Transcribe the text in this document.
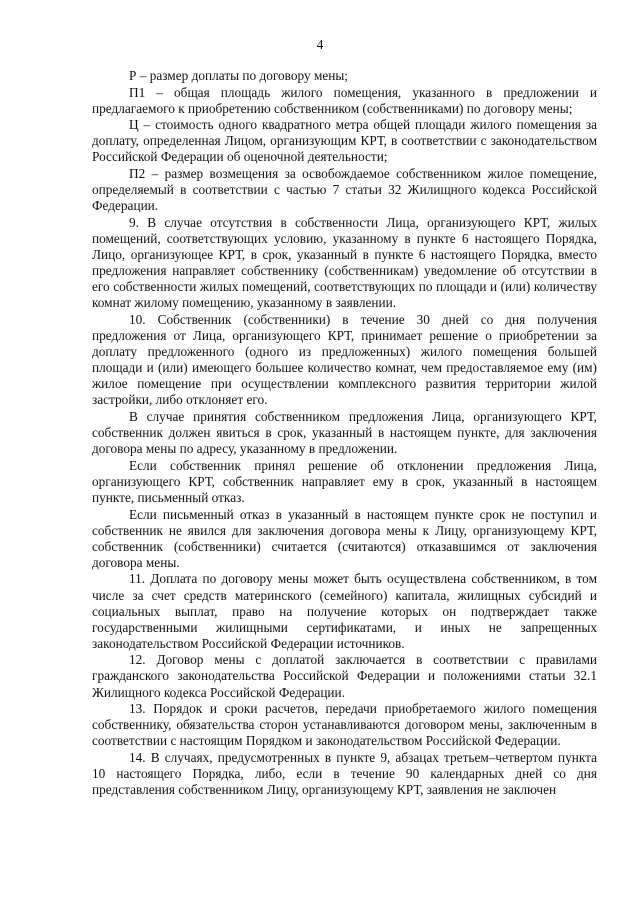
4

Р – размер доплаты по договору мены;

П1 – общая площадь жилого помещения, указанного в предложении и предлагаемого к приобретению собственником (собственниками) по договору мены;

Ц – стоимость одного квадратного метра общей площади жилого помещения за доплату, определенная Лицом, организующим КРТ, в соответствии с законодательством Российской Федерации об оценочной деятельности;

П2 – размер возмещения за освобождаемое собственником жилое помещение, определяемый в соответствии с частью 7 статьи 32 Жилищного кодекса Российской Федерации.

9. В случае отсутствия в собственности Лица, организующего КРТ, жилых помещений, соответствующих условию, указанному в пункте 6 настоящего Порядка, Лицо, организующее КРТ, в срок, указанный в пункте 6 настоящего Порядка, вместо предложения направляет собственнику (собственникам) уведомление об отсутствии в его собственности жилых помещений, соответствующих по площади и (или) количеству комнат жилому помещению, указанному в заявлении.

10. Собственник (собственники) в течение 30 дней со дня получения предложения от Лица, организующего КРТ, принимает решение о приобретении за доплату предложенного (одного из предложенных) жилого помещения большей площади и (или) имеющего большее количество комнат, чем предоставляемое ему (им) жилое помещение при осуществлении комплексного развития территории жилой застройки, либо отклоняет его.

В случае принятия собственником предложения Лица, организующего КРТ, собственник должен явиться в срок, указанный в настоящем пункте, для заключения договора мены по адресу, указанному в предложении.

Если собственник принял решение об отклонении предложения Лица, организующего КРТ, собственник направляет ему в срок, указанный в настоящем пункте, письменный отказ.

Если письменный отказ в указанный в настоящем пункте срок не поступил и собственник не явился для заключения договора мены к Лицу, организующему КРТ, собственник (собственники) считается (считаются) отказавшимся от заключения договора мены.

11. Доплата по договору мены может быть осуществлена собственником, в том числе за счет средств материнского (семейного) капитала, жилищных субсидий и социальных выплат, право на получение которых он подтверждает также государственными жилищными сертификатами, и иных не запрещенных законодательством Российской Федерации источников.

12. Договор мены с доплатой заключается в соответствии с правилами гражданского законодательства Российской Федерации и положениями статьи 32.1 Жилищного кодекса Российской Федерации.

13. Порядок и сроки расчетов, передачи приобретаемого жилого помещения собственнику, обязательства сторон устанавливаются договором мены, заключенным в соответствии с настоящим Порядком и законодательством Российской Федерации.

14. В случаях, предусмотренных в пункте 9, абзацах третьем–четвертом пункта 10 настоящего Порядка, либо, если в течение 90 календарных дней со дня представления собственником Лицу, организующему КРТ, заявления не заключен
